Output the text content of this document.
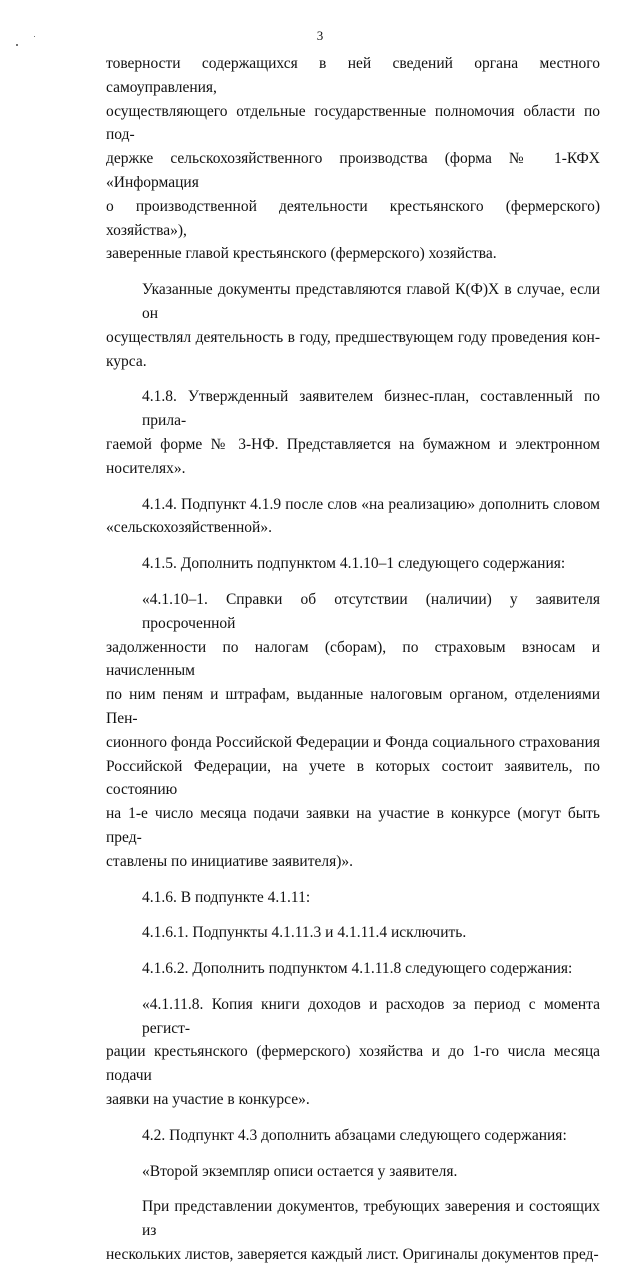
3
товерности содержащихся в ней сведений органа местного самоуправления,
осуществляющего отдельные государственные полномочия области по под-
держке сельскохозяйственного производства (форма № 1-КФХ «Информация
о производственной деятельности крестьянского (фермерского) хозяйства»),
заверенные главой крестьянского (фермерского) хозяйства.
Указанные документы представляются главой К(Ф)Х в случае, если он
осуществлял деятельность в году, предшествующем году проведения кон-
курса.
4.1.8. Утвержденный заявителем бизнес-план, составленный по прила-
гаемой форме № 3-НФ. Представляется на бумажном и электронном носителях».
4.1.4. Подпункт 4.1.9 после слов «на реализацию» дополнить словом
«сельскохозяйственной».
4.1.5. Дополнить подпунктом 4.1.10–1 следующего содержания:
«4.1.10–1. Справки об отсутствии (наличии) у заявителя просроченной
задолженности по налогам (сборам), по страховым взносам и начисленным
по ним пеням и штрафам, выданные налоговым органом, отделениями Пен-
сионного фонда Российской Федерации и Фонда социального страхования
Российской Федерации, на учете в которых состоит заявитель, по состоянию
на 1-е число месяца подачи заявки на участие в конкурсе (могут быть пред-
ставлены по инициативе заявителя)».
4.1.6. В подпункте 4.1.11:
4.1.6.1. Подпункты 4.1.11.3 и 4.1.11.4 исключить.
4.1.6.2. Дополнить подпунктом 4.1.11.8 следующего содержания:
«4.1.11.8. Копия книги доходов и расходов за период с момента регист-
рации крестьянского (фермерского) хозяйства и до 1-го числа месяца подачи
заявки на участие в конкурсе».
4.2. Подпункт 4.3 дополнить абзацами следующего содержания:
«Второй экземпляр описи остается у заявителя.
При представлении документов, требующих заверения и состоящих из
нескольких листов, заверяется каждый лист. Оригиналы документов пред-
